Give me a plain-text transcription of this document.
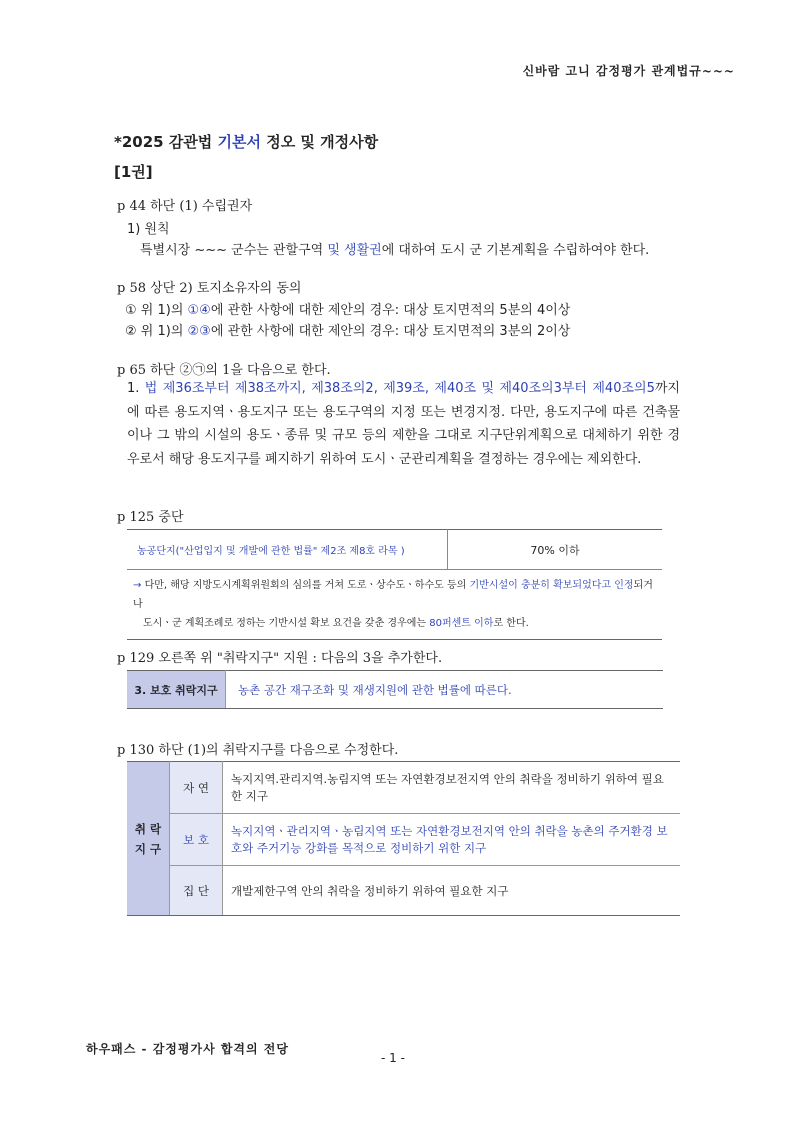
신바람 고니 감정평가 관계법규~~~
*2025 감관법 기본서 정오 및 개정사항
[1권]
p 44 하단 (1) 수립권자
1) 원칙
특별시장 ~~~ 군수는 관할구역 및 생활권에 대하여 도시 군 기본계획을 수립하여야 한다.
p 58 상단 2) 토지소유자의 동의
① 위 1)의 ①④에 관한 사항에 대한 제안의 경우: 대상 토지면적의 5분의 4이상
② 위 1)의 ②③에 관한 사항에 대한 제안의 경우: 대상 토지면적의 3분의 2이상
p 65 하단 ②㉠의 1을 다음으로 한다.
1. 법 제36조부터 제38조까지, 제38조의2, 제39조, 제40조 및 제40조의3부터 제40조의5까지에 따른 용도지역ㆍ용도지구 또는 용도구역의 지정 또는 변경지정. 다만, 용도지구에 따른 건축물이나 그 밖의 시설의 용도ㆍ종류 및 규모 등의 제한을 그대로 지구단위계획으로 대체하기 위한 경우로서 해당 용도지구를 폐지하기 위하여 도시ㆍ군관리계획을 결정하는 경우에는 제외한다.
p 125 중단
농공단지("산업입지 및 개발에 관한 법률" 제2조 제8호 라목 )	70% 이하
→ 다만, 해당 지방도시계획위원회의 심의를 거쳐 도로ㆍ상수도ㆍ하수도 등의 기반시설이 충분히 확보되었다고 인정되거나
도시ㆍ군 계획조례로 정하는 기반시설 확보 요건을 갖춘 경우에는 80퍼센트 이하로 한다.
p 129 오른쪽 위 "취락지구" 지원 : 다음의 3을 추가한다.
3. 보호 취락지구	농촌 공간 재구조화 및 재생지원에 관한 법률에 따른다.
p 130 하단 (1)의 취락지구를 다음으로 수정한다.
취 락
지 구	자 연	녹지지역.관리지역.농림지역 또는 자연환경보전지역 안의 취락을 정비하기 위하여 필요한 지구
	보 호	녹지지역ㆍ관리지역ㆍ농림지역 또는 자연환경보전지역 안의 취락을 농촌의 주거환경 보호와 주거기능 강화를 목적으로 정비하기 위한 지구
	집 단	개발제한구역 안의 취락을 정비하기 위하여 필요한 지구
하우패스 - 감정평가사 합격의 전당
- 1 -
